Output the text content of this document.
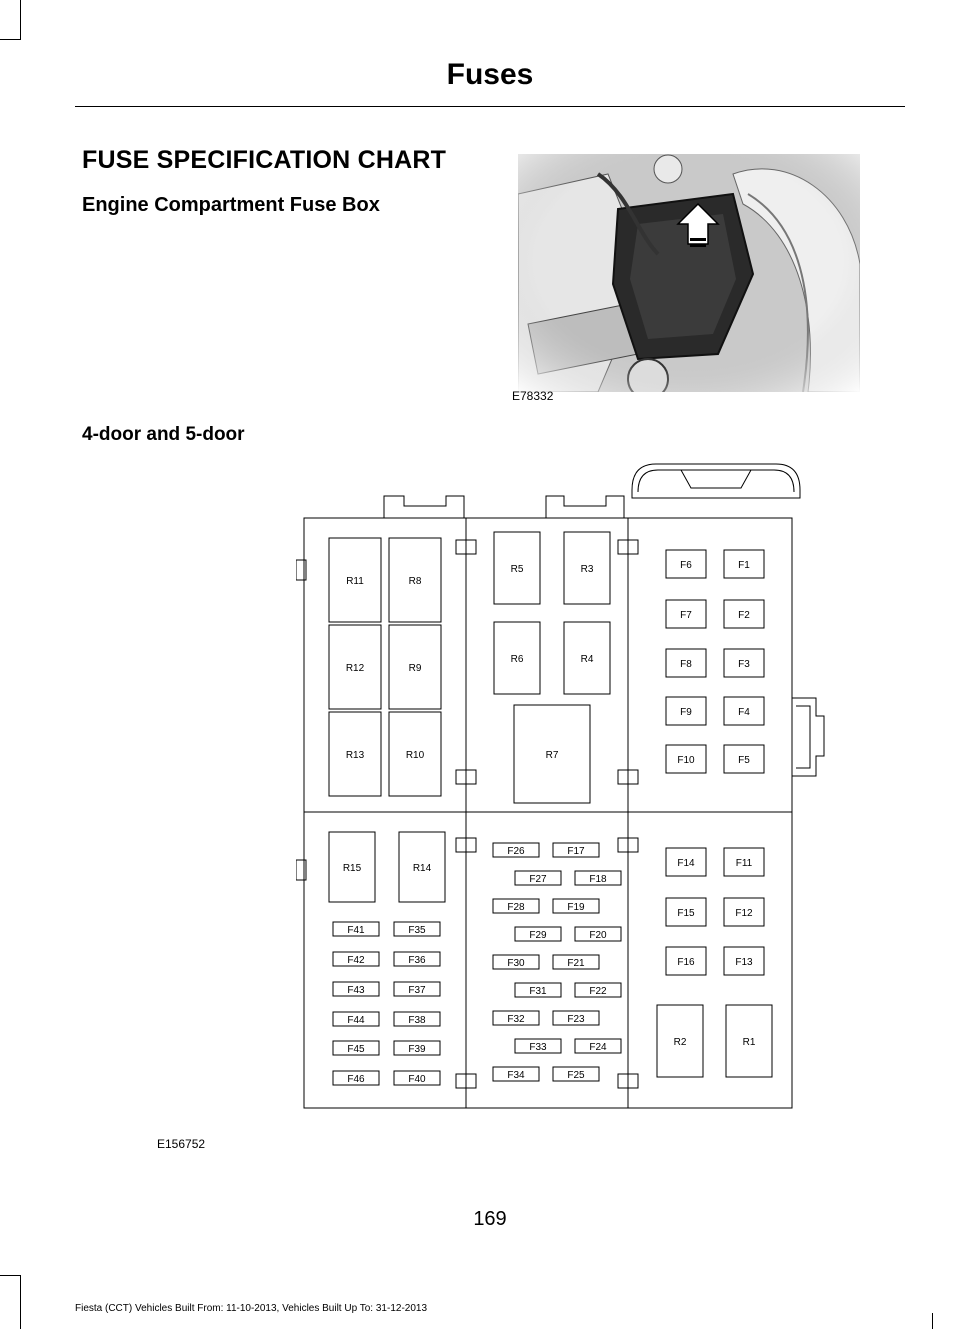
Fuses
FUSE SPECIFICATION CHART
Engine Compartment Fuse Box
E78332
4-door and 5-door
R11	R8
R12	R9
R13	R10
R5	R3
R6	R4
R7
R15	R14
R2	R1
F6	F1
F7	F2
F8	F3
F9	F4
F10	F5
F14	F11
F15	F12
F16	F13
F41	F35
F42	F36
F43	F37
F44	F38
F45	F39
F46	F40
F26	F17
F27	F18
F28	F19
F29	F20
F30	F21
F31	F22
F32	F23
F33	F24
F34	F25
E156752
169
Fiesta (CCT) Vehicles Built From: 11-10-2013, Vehicles Built Up To: 31-12-2013
